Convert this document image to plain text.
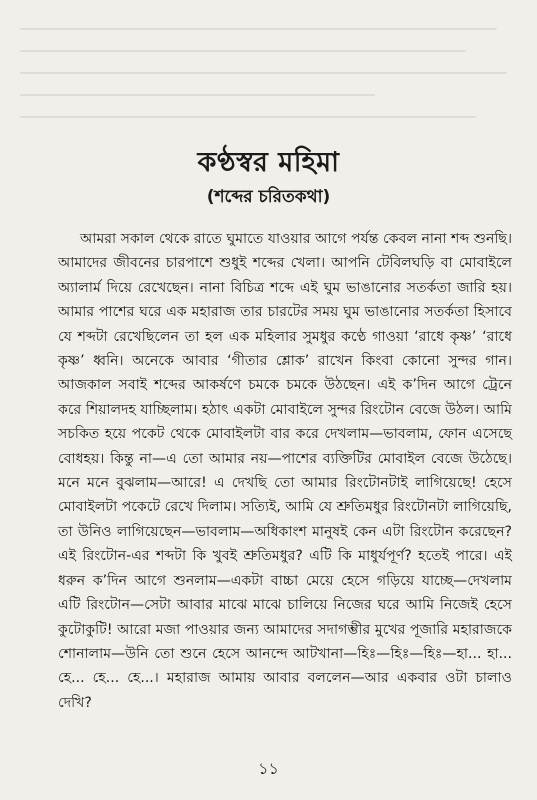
কণ্ঠস্বর মহিমা
(শব্দের চরিতকথা)

আমরা সকাল থেকে রাতে ঘুমাতে যাওয়ার আগে পর্যন্ত কেবল নানা শব্দ শুনছি। আমাদের জীবনের চারপাশে শুধুই শব্দের খেলা। আপনি টেবিলঘড়ি বা মোবাইলে অ্যালার্ম দিয়ে রেখেছেন। নানা বিচিত্র শব্দে এই ঘুম ভাঙানোর সতর্কতা জারি হয়। আমার পাশের ঘরে এক মহারাজ তার চারটের সময় ঘুম ভাঙানোর সতর্কতা হিসাবে যে শব্দটা রেখেছিলেন তা হল এক মহিলার সুমধুর কণ্ঠে গাওয়া ‘রাধে কৃষ্ণ’ ‘রাধে কৃষ্ণ’ ধ্বনি। অনেকে আবার ‘গীতার শ্লোক’ রাখেন কিংবা কোনো সুন্দর গান। আজকাল সবাই শব্দের আকর্ষণে চমকে চমকে উঠছেন। এই ক’দিন আগে ট্রেনে করে শিয়ালদহ যাচ্ছিলাম। হঠাৎ একটা মোবাইলে সুন্দর রিংটোন বেজে উঠল। আমি সচকিত হয়ে পকেট থেকে মোবাইলটা বার করে দেখলাম—ভাবলাম, ফোন এসেছে বোধহয়। কিন্তু না—এ তো আমার নয়—পাশের ব্যক্তিটির মোবাইল বেজে উঠেছে। মনে মনে বুঝলাম—আরে! এ দেখছি তো আমার রিংটোনটাই লাগিয়েছে! হেসে মোবাইলটা পকেটে রেখে দিলাম। সত্যিই, আমি যে শ্রুতিমধুর রিংটোনটা লাগিয়েছি, তা উনিও লাগিয়েছেন—ভাবলাম—অধিকাংশ মানুষই কেন এটা রিংটোন করেছেন? এই রিংটোন-এর শব্দটা কি খুবই শ্রুতিমধুর? এটি কি মাধুর্যপূর্ণ? হতেই পারে। এই ধরুন ক’দিন আগে শুনলাম—একটা বাচ্চা মেয়ে হেসে গড়িয়ে যাচ্ছে—দেখলাম এটি রিংটোন—সেটা আবার মাঝে মাঝে চালিয়ে নিজের ঘরে আমি নিজেই হেসে কুটোকুটি! আরো মজা পাওয়ার জন্য আমাদের সদাগম্ভীর মুখের পূজারি মহারাজকে শোনালাম—উনি তো শুনে হেসে আনন্দে আটখানা—হিঃ—হিঃ—হিঃ—হা... হা... হে... হে... হে...। মহারাজ আমায় আবার বললেন—আর একবার ওটা চালাও দেখি?

১১
